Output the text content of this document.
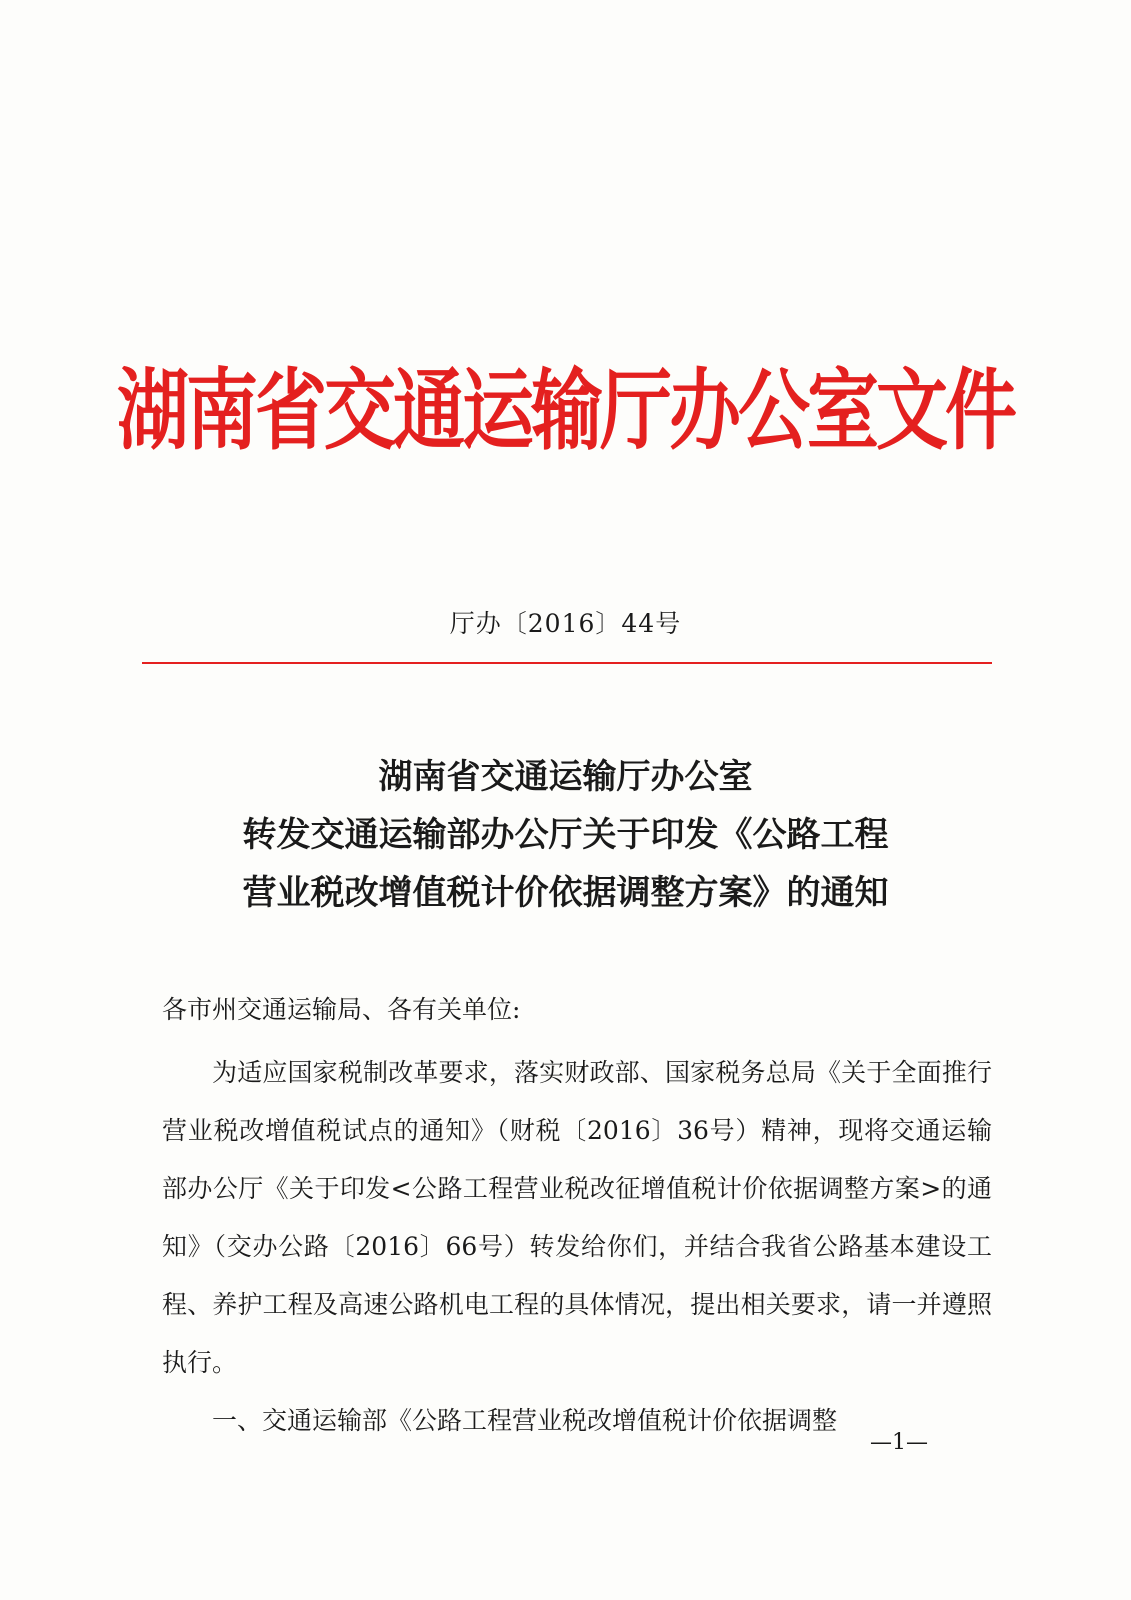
湖南省交通运输厅办公室文件
厅办〔2016〕44号
湖南省交通运输厅办公室
转发交通运输部办公厅关于印发《公路工程
营业税改增值税计价依据调整方案》的通知
各市州交通运输局、各有关单位:

为适应国家税制改革要求，落实财政部、国家税务总局《关于全面推行营业税改增值税试点的通知》（财税〔2016〕36号）精神，现将交通运输部办公厅《关于印发<公路工程营业税改征增值税计价依据调整方案>的通知》（交办公路〔2016〕66号）转发给你们，并结合我省公路基本建设工程、养护工程及高速公路机电工程的具体情况，提出相关要求，请一并遵照执行。

一、交通运输部《公路工程营业税改增值税计价依据调整

—1—
